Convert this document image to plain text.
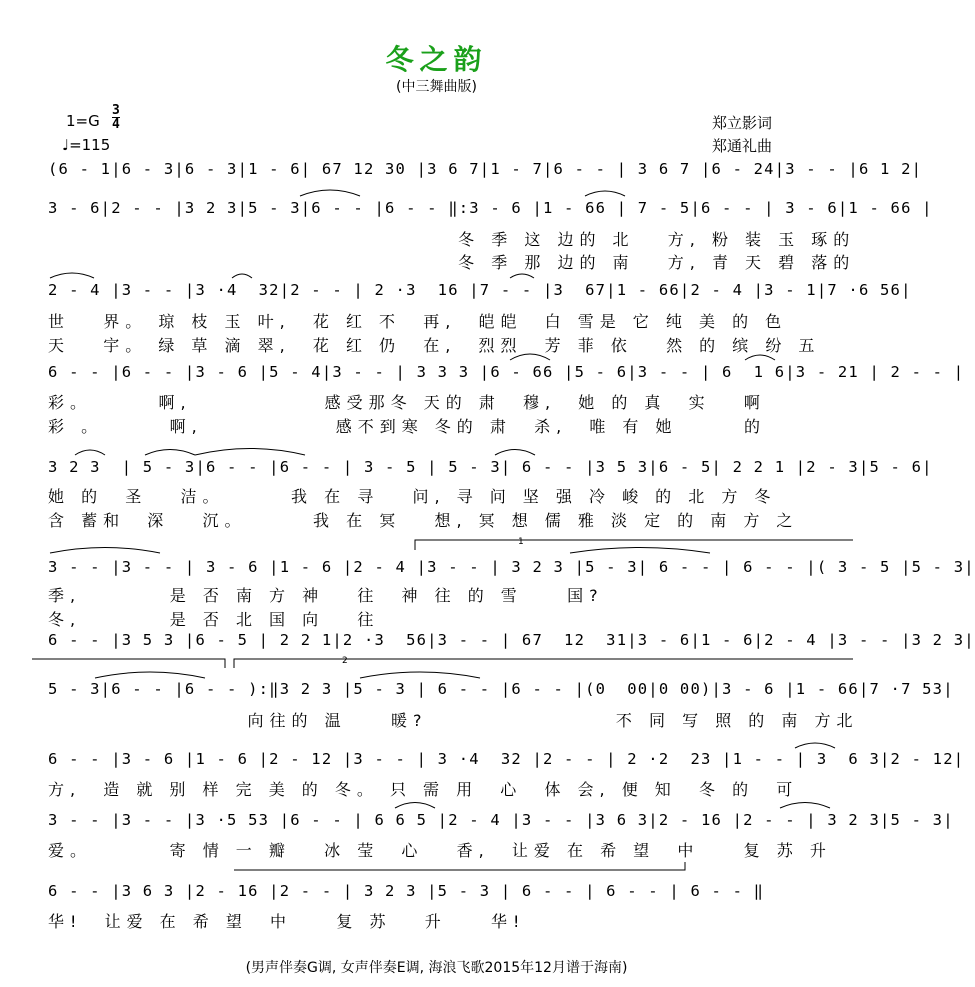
冬之韵
(中三舞曲版)
1=G
3
4
♩=115
郑立影词
郑通礼曲
(6 - 1|6 - 3|6 - 3|1 - 6| 67 12 30 |3 6 7|1 - 7|6 - - | 3 6 7 |6 - 24|3 - - |6 1 2|
3 - 6|2 - - |3 2 3|5 - 3|6 - - |6 - - ‖:3 - 6 |1 - 66 | 7 - 5|6 - - | 3 - 6|1 - 66 |
冬 季 这 边的 北   方, 粉 装 玉 琢的
冬 季 那 边的 南   方, 青 天 碧 落的
2 - 4 |3 - - |3 ·4  32|2 - - | 2 ·3  16 |7 - - |3  67|1 - 66|2 - 4 |3 - 1|7 ·6 56|
世   界。 琼 枝 玉 叶,  花 红 不  再,  皑皑  白 雪是 它 纯 美 的 色
天   宇。 绿 草 滴 翠,  花 红 仍  在,  烈烈  芳 菲 依   然 的 缤 纷 五
6 - - |6 - - |3 - 6 |5 - 4|3 - - | 3 3 3 |6 - 66 |5 - 6|3 - - | 6  1 6|3 - 21 | 2 - - |
彩。      啊,            感受那冬 天的 肃  穆,  她 的 真  实   啊
彩 。      啊,            感不到寒 冬的 肃  杀,  唯 有 她      的
3 2 3  | 5 - 3|6 - - |6 - - | 3 - 5 | 5 - 3| 6 - - |3 5 3|6 - 5| 2 2 1 |2 - 3|5 - 6|
她 的  圣   洁。      我 在 寻   问, 寻 问 坚 强 冷 峻 的 北 方 冬
含 蓄和  深   沉。      我 在 冥   想, 冥 想 儒 雅 淡 定 的 南 方 之
3 - - |3 - - | 3 - 6 |1 - 6 |2 - 4 |3 - - | 3 2 3 |5 - 3| 6 - - | 6 - - |( 3 - 5 |5 - 3|
季,        是 否 南 方 神   往  神 往 的 雪    国?
冬,        是 否 北 国 向   往
6 - - |3 5 3 |6 - 5 | 2 2 1|2 ·3  56|3 - - | 67  12  31|3 - 6|1 - 6|2 - 4 |3 - - |3 2 3|
5 - 3|6 - - |6 - - ):‖3 2 3 |5 - 3 | 6 - - |6 - - |(0  00|0 00)|3 - 6 |1 - 66|7 ·7 53|
向往的 温    暖?                 不 同 写 照 的 南 方北
6 - - |3 - 6 |1 - 6 |2 - 12 |3 - - | 3 ·4  32 |2 - - | 2 ·2  23 |1 - - | 3  6 3|2 - 12|
方,  造 就 别 样 完 美 的 冬。 只 需 用  心  体 会, 便 知  冬 的  可
3 - - |3 - - |3 ·5 53 |6 - - | 6 6 5 |2 - 4 |3 - - |3 6 3|2 - 16 |2 - - | 3 2 3|5 - 3|
爱。       寄 情 一 瓣   冰 莹  心   香,  让爱 在 希 望  中    复 苏 升
6 - - |3 6 3 |2 - 16 |2 - - | 3 2 3 |5 - 3 | 6 - - | 6 - - | 6 - - ‖
华!  让爱 在 希 望  中    复 苏   升    华!
1
2
(男声伴奏G调, 女声伴奏E调, 海浪飞歌2015年12月谱于海南)
